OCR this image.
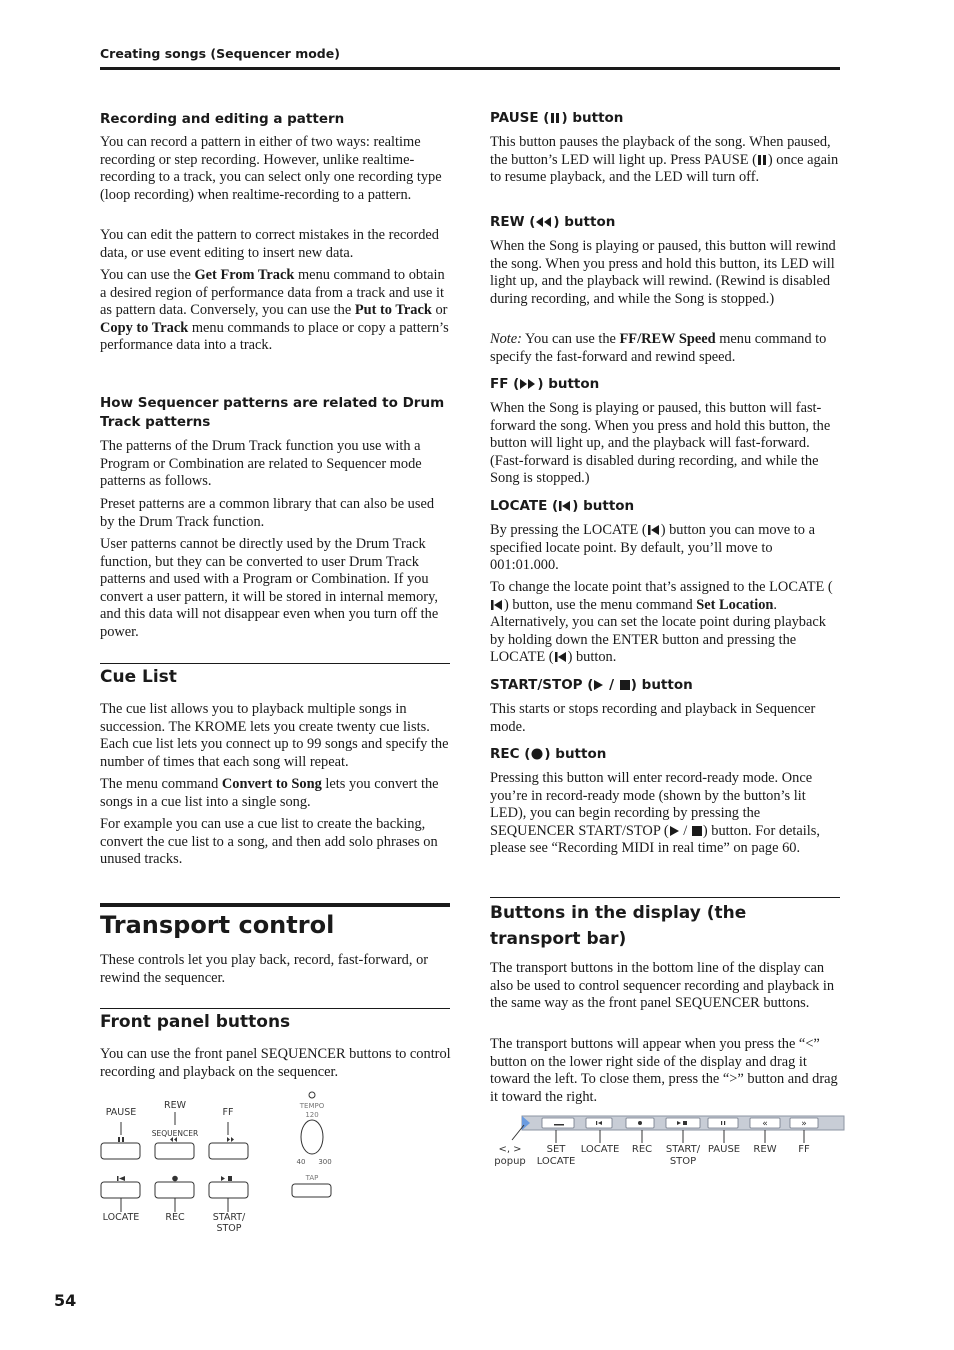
Creating songs (Sequencer mode)
Recording and editing a pattern

You can record a pattern in either of two ways: realtime recording or step recording. However, unlike realtime-recording to a track, you can select only one recording type (loop recording) when realtime-recording to a pattern.

You can edit the pattern to correct mistakes in the recorded data, or use event editing to insert new data.

You can use the Get From Track menu command to obtain a desired region of performance data from a track and use it as pattern data. Conversely, you can use the Put to Track or Copy to Track menu commands to place or copy a pattern’s performance data into a track.

How Sequencer patterns are related to Drum Track patterns

The patterns of the Drum Track function you use with a Program or Combination are related to Sequencer mode patterns as follows.

Preset patterns are a common library that can also be used by the Drum Track function.

User patterns cannot be directly used by the Drum Track function, but they can be converted to user Drum Track patterns and used with a Program or Combination. If you convert a user pattern, it will be stored in internal memory, and this data will not disappear even when you turn off the power.

Cue List

The cue list allows you to playback multiple songs in succession. The KROME lets you create twenty cue lists. Each cue list lets you connect up to 99 songs and specify the number of times that each song will repeat.

The menu command Convert to Song lets you convert the songs in a cue list into a single song.

For example you can use a cue list to create the backing, convert the cue list to a song, and then add solo phrases on unused tracks.

Transport control

These controls let you play back, record, fast-forward, or rewind the sequencer.

Front panel buttons

You can use the front panel SEQUENCER buttons to control recording and playback on the sequencer.

PAUSE
REW
FF
SEQUENCER
LOCATE	REC	START/
STOP
TEMPO
120
40	300
TAP
PAUSE ( ) button

This button pauses the playback of the song. When paused, the button’s LED will light up. Press PAUSE ( ) once again to resume playback, and the LED will turn off.

REW ( ) button

When the Song is playing or paused, this button will rewind the song. When you press and hold this button, its LED will light up, and the playback will rewind. (Rewind is disabled during recording, and while the Song is stopped.)

Note: You can use the FF/REW Speed menu command to specify the fast-forward and rewind speed.

FF ( ) button

When the Song is playing or paused, this button will fast-forward the song. When you press and hold this button, the button will light up, and the playback will fast-forward. (Fast-forward is disabled during recording, and while the Song is stopped.)

LOCATE ( ) button

By pressing the LOCATE ( ) button you can move to a specified locate point. By default, you’ll move to 001:01.000.

To change the locate point that’s assigned to the LOCATE () button, use the menu command Set Location. Alternatively, you can set the locate point during playback by holding down the ENTER button and pressing the LOCATE ( ) button.

START/STOP ( / ) button

This starts or stops recording and playback in Sequencer mode.

REC ( ) button

Pressing this button will enter record-ready mode. Once you’re in record-ready mode (shown by the button’s lit LED), you can begin recording by pressing the SEQUENCER START/STOP ( / ) button. For details, please see “Recording MIDI in real time” on page 60.

Buttons in the display (the transport bar)

The transport buttons in the bottom line of the display can also be used to control sequencer recording and playback in the same way as the front panel SEQUENCER buttons.

The transport buttons will appear when you press the “<” button on the lower right side of the display and drag it toward the left. To close them, press the “>” button and drag it toward the right.

«	»
<, >
popup
SET
LOCATE
LOCATE	REC	START/
STOP
PAUSE	REW	FF
54
